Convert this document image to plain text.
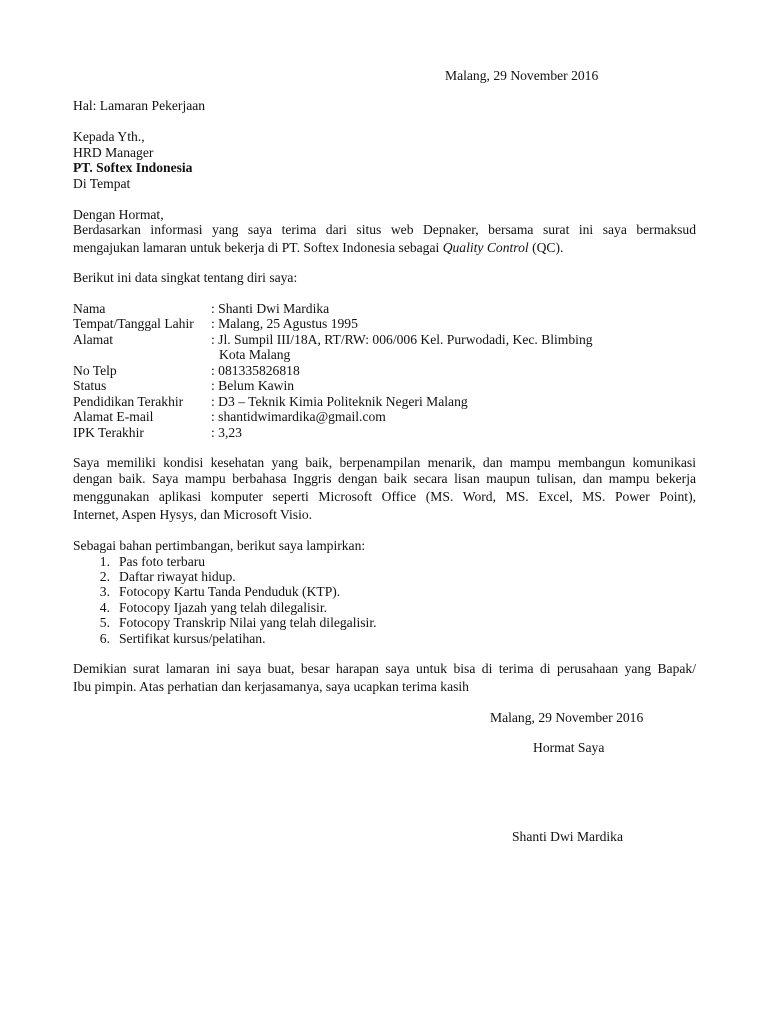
Malang, 29 November 2016
Hal: Lamaran Pekerjaan
Kepada Yth.,
HRD Manager
PT. Softex Indonesia
Di Tempat
Dengan Hormat,
Berdasarkan informasi yang saya terima dari situs web Depnaker, bersama surat ini saya bermaksud
mengajukan lamaran untuk bekerja di PT. Softex Indonesia sebagai Quality Control (QC).
Berikut ini data singkat tentang diri saya:
Nama	: Shanti Dwi Mardika
Tempat/Tanggal Lahir : Malang, 25 Agustus 1995
Alamat	: Jl. Sumpil III/18A, RT/RW: 006/006 Kel. Purwodadi, Kec. Blimbing
Kota Malang
No Telp	: 081335826818
Status	: Belum Kawin
Pendidikan Terakhir : D3 – Teknik Kimia Politeknik Negeri Malang
Alamat E-mail	: shantidwimardika@gmail.com
IPK Terakhir	: 3,23
Saya memiliki kondisi kesehatan yang baik, berpenampilan menarik, dan mampu membangun komunikasi
dengan baik. Saya mampu berbahasa Inggris dengan baik secara lisan maupun tulisan, dan mampu bekerja
menggunakan aplikasi komputer seperti Microsoft Office (MS. Word, MS. Excel, MS. Power Point),
Internet, Aspen Hysys, dan Microsoft Visio.
Sebagai bahan pertimbangan, berikut saya lampirkan:
1. Pas foto terbaru
2. Daftar riwayat hidup.
3. Fotocopy Kartu Tanda Penduduk (KTP).
4. Fotocopy Ijazah yang telah dilegalisir.
5. Fotocopy Transkrip Nilai yang telah dilegalisir.
6. Sertifikat kursus/pelatihan.
Demikian surat lamaran ini saya buat, besar harapan saya untuk bisa di terima di perusahaan yang Bapak/
Ibu pimpin. Atas perhatian dan kerjasamanya, saya ucapkan terima kasih
Malang, 29 November 2016
Hormat Saya
Shanti Dwi Mardika
